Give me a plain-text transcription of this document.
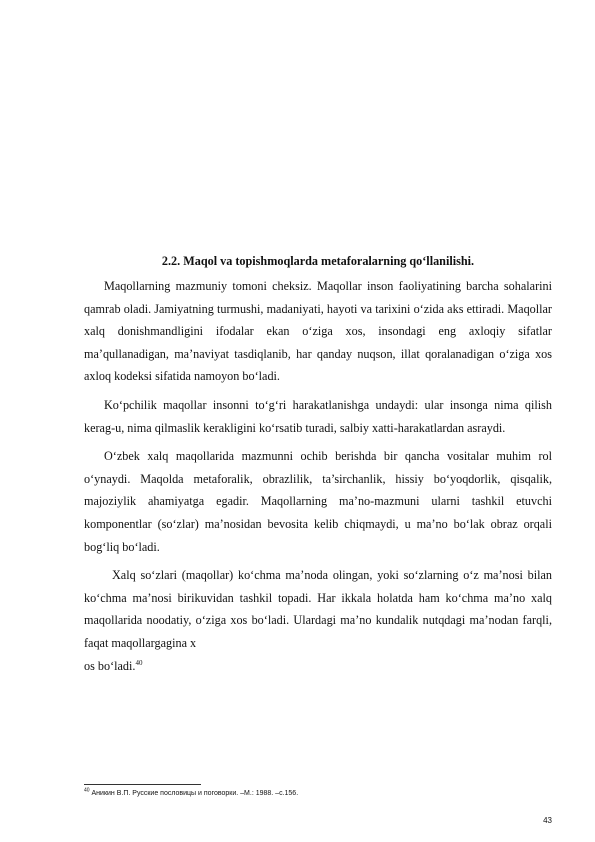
2.2. Maqol va topishmoqlarda metaforalarning qo‘llanilishi.

Maqollarning mazmuniy tomoni cheksiz. Maqollar inson faoliyatining barcha sohalarini qamrab oladi. Jamiyatning turmushi, madaniyati, hayoti va tarixini o‘zida aks ettiradi. Maqollar xalq donishmandligini ifodalar ekan o‘ziga xos, insondagi eng axloqiy sifatlar ma’qullanadigan, ma’naviyat tasdiqlanib, har qanday nuqson, illat qoralanadigan o‘ziga xos axloq kodeksi sifatida namoyon bo‘ladi.

Ko‘pchilik maqollar insonni to‘g‘ri harakatlanishga undaydi: ular insonga nima qilish kerag-u, nima qilmaslik kerakligini ko‘rsatib turadi, salbiy xatti-harakatlardan asraydi.

O‘zbek xalq maqollarida mazmunni ochib berishda bir qancha vositalar muhim rol o‘ynaydi. Maqolda metaforalik, obrazlilik, ta’sirchanlik, hissiy bo‘yoqdorlik, qisqalik, majoziylik ahamiyatga egadir. Maqollarning ma’no-mazmuni ularni tashkil etuvchi komponentlar (so‘zlar) ma’nosidan bevosita kelib chiqmaydi, u ma’no bo‘lak obraz orqali bog‘liq bo‘ladi.

Xalq so‘zlari (maqollar) ko‘chma ma’noda olingan, yoki so‘zlarning o‘z ma’nosi bilan ko‘chma ma’nosi birikuvidan tashkil topadi. Har ikkala holatda ham ko‘chma ma’no xalq maqollarida noodatiy, o‘ziga xos bo‘ladi. Ulardagi ma’no kundalik nutqdagi ma’nodan farqli, faqat maqollargagina x

os bo‘ladi.$^{40}$

$^{40}$ Аникин В.П. Русские пословицы и поговорки. –М.: 1988. –с.156.
43
